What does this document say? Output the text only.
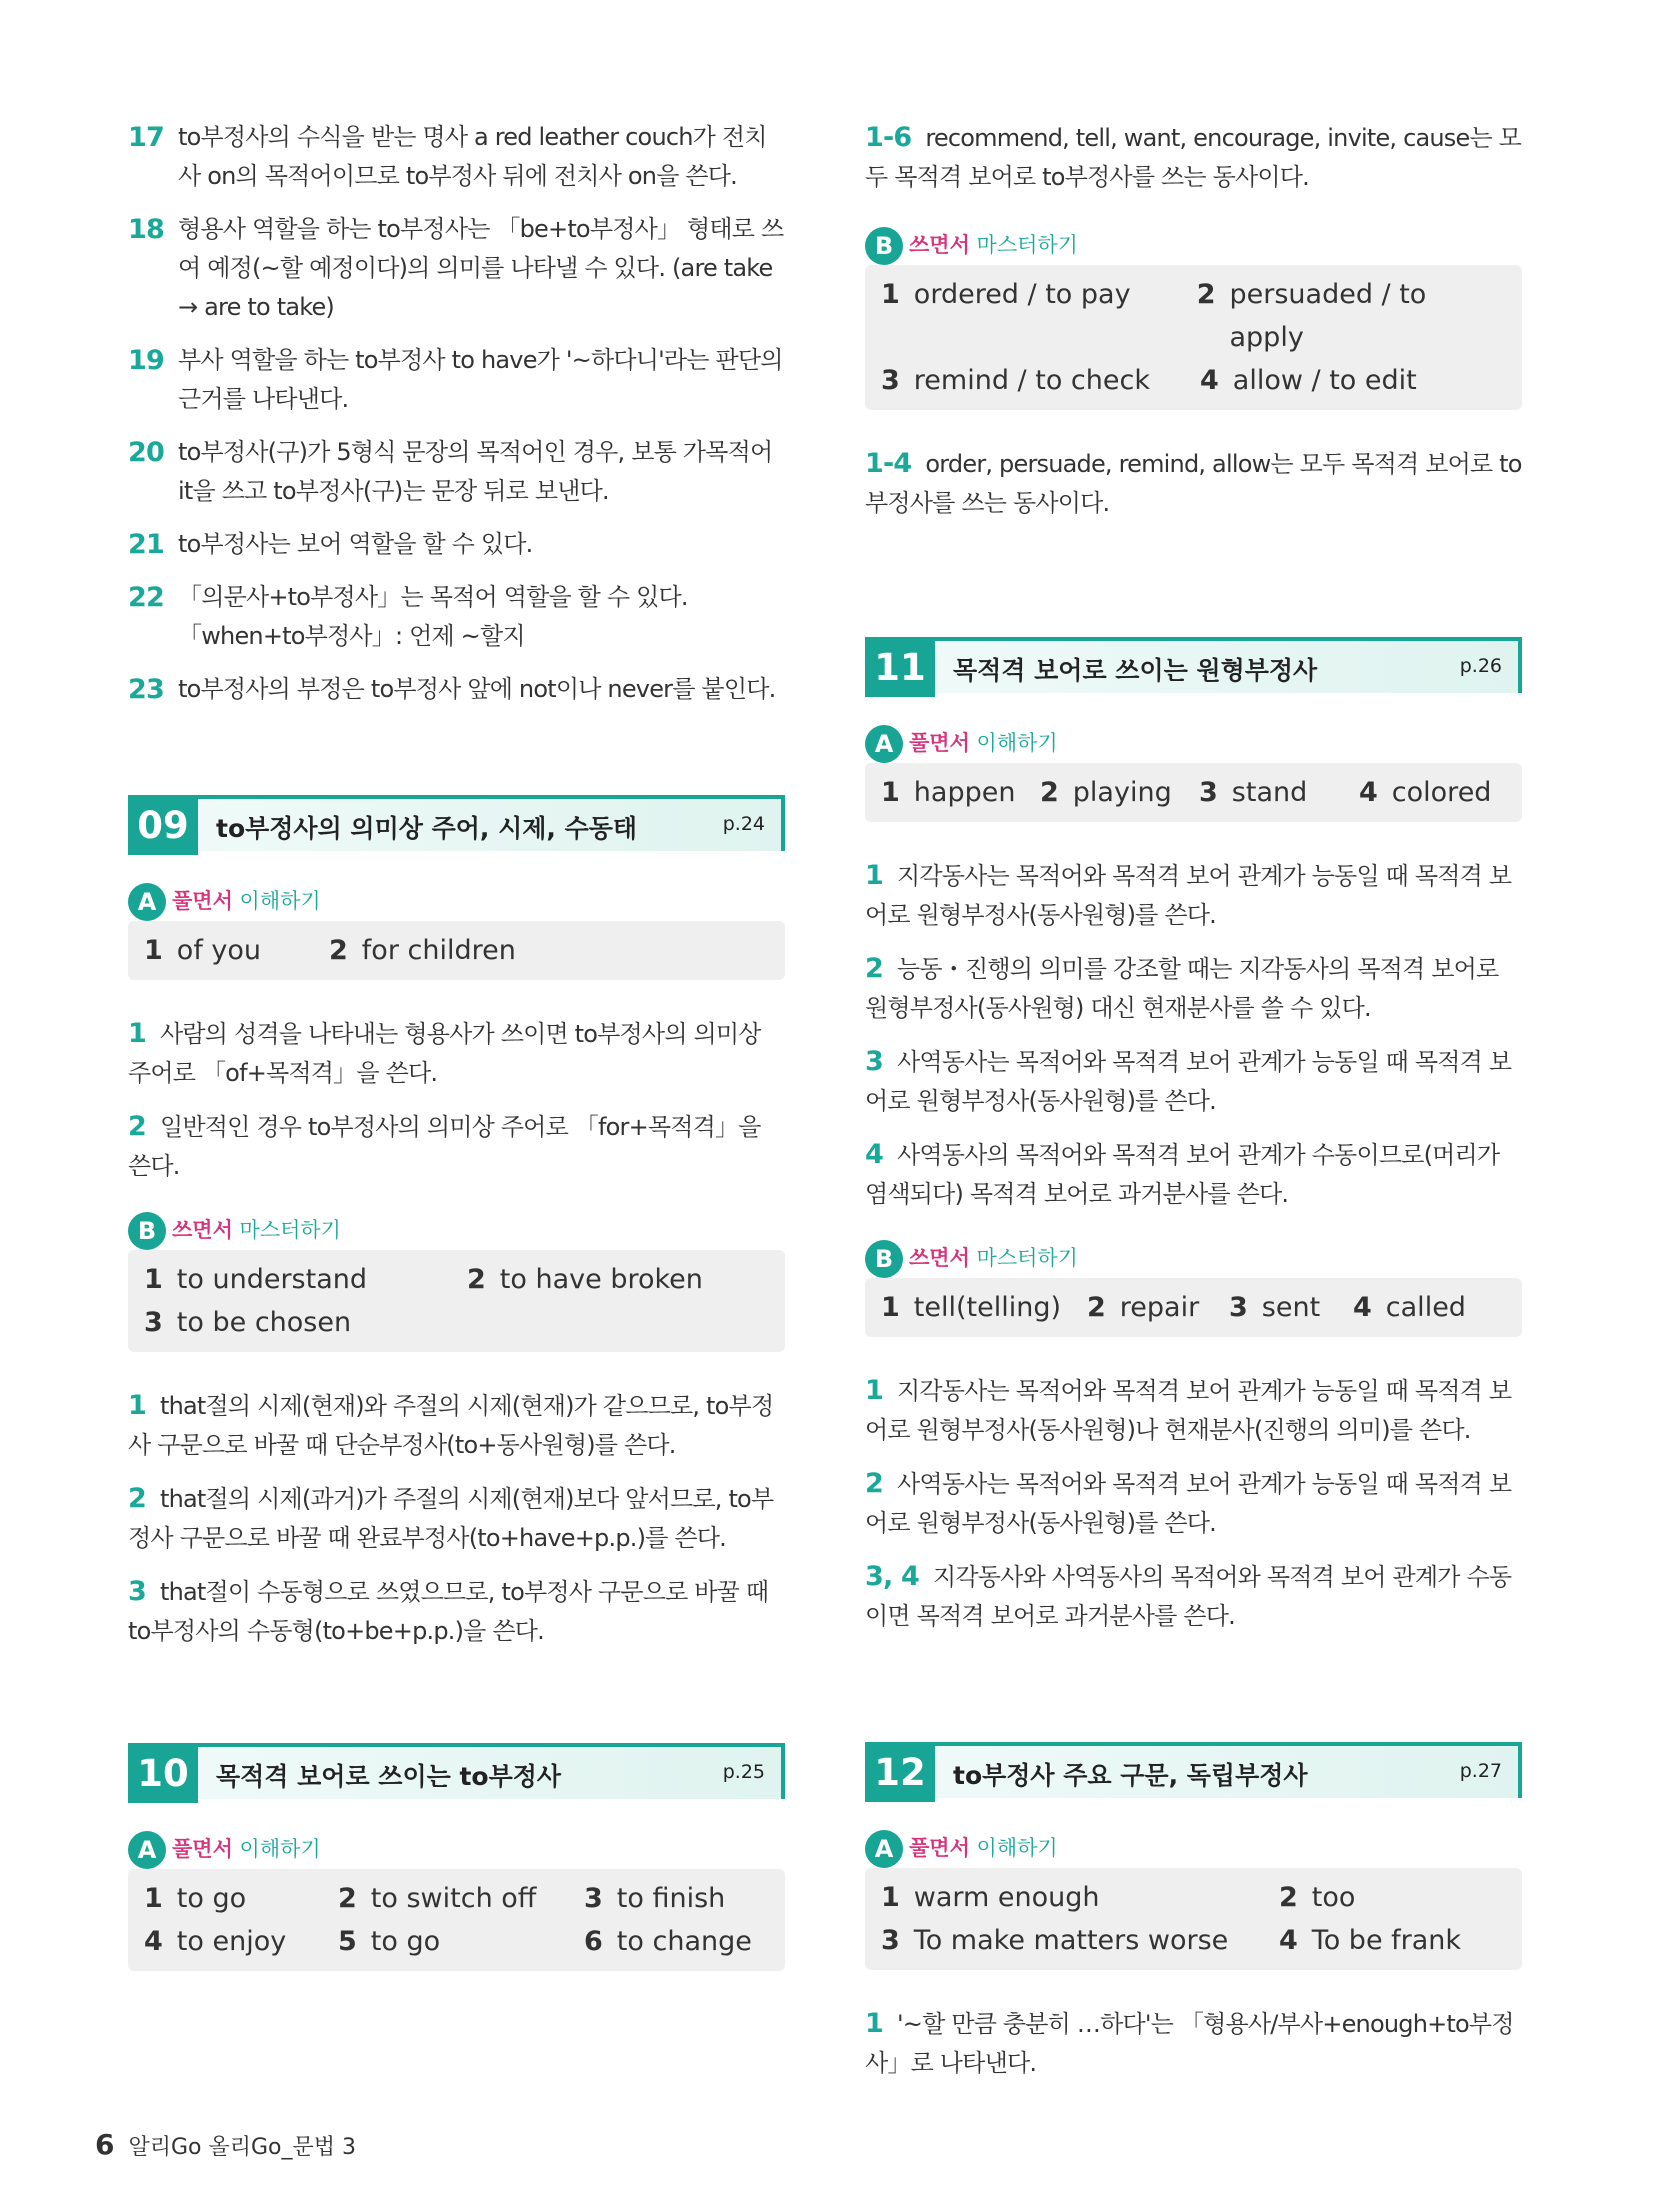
17 to부정사의 수식을 받는 명사 a red leather couch가 전치사 on의 목적어이므로 to부정사 뒤에 전치사 on을 쓴다.
18 형용사 역할을 하는 to부정사는 「be+to부정사」 형태로 쓰여 예정(~할 예정이다)의 의미를 나타낼 수 있다. (are take → are to take)
19 부사 역할을 하는 to부정사 to have가 '~하다니'라는 판단의 근거를 나타낸다.
20 to부정사(구)가 5형식 문장의 목적어인 경우, 보통 가목적어 it을 쓰고 to부정사(구)는 문장 뒤로 보낸다.
21 to부정사는 보어 역할을 할 수 있다.
22 「의문사+to부정사」는 목적어 역할을 할 수 있다.
「when+to부정사」: 언제 ~할지
23 to부정사의 부정은 to부정사 앞에 not이나 never를 붙인다.
09	to부정사의 의미상 주어, 시제, 수동태	p.24
A 풀면서 이해하기
1 of you	2 for children
1 사람의 성격을 나타내는 형용사가 쓰이면 to부정사의 의미상 주어로 「of+목적격」을 쓴다.
2 일반적인 경우 to부정사의 의미상 주어로 「for+목적격」을 쓴다.
B 쓰면서 마스터하기
1 to understand	2 to have broken
3 to be chosen
1 that절의 시제(현재)와 주절의 시제(현재)가 같으므로, to부정사 구문으로 바꿀 때 단순부정사(to+동사원형)를 쓴다.
2 that절의 시제(과거)가 주절의 시제(현재)보다 앞서므로, to부정사 구문으로 바꿀 때 완료부정사(to+have+p.p.)를 쓴다.
3 that절이 수동형으로 쓰였으므로, to부정사 구문으로 바꿀 때 to부정사의 수동형(to+be+p.p.)을 쓴다.
10	목적격 보어로 쓰이는 to부정사	p.25
A 풀면서 이해하기
1 to go	2 to switch off 3 to finish
4 to enjoy 5 to go	6 to change
1-6 recommend, tell, want, encourage, invite, cause는 모두 목적격 보어로 to부정사를 쓰는 동사이다.
B 쓰면서 마스터하기
1 ordered / to pay 2 persuaded / to apply
3 remind / to check 4 allow / to edit
1-4 order, persuade, remind, allow는 모두 목적격 보어로 to부정사를 쓰는 동사이다.
11	목적격 보어로 쓰이는 원형부정사	p.26
A 풀면서 이해하기
1 happen 2 playing 3 stand 4 colored
1 지각동사는 목적어와 목적격 보어 관계가 능동일 때 목적격 보어로 원형부정사(동사원형)를 쓴다.
2 능동・진행의 의미를 강조할 때는 지각동사의 목적격 보어로 원형부정사(동사원형) 대신 현재분사를 쓸 수 있다.
3 사역동사는 목적어와 목적격 보어 관계가 능동일 때 목적격 보어로 원형부정사(동사원형)를 쓴다.
4 사역동사의 목적어와 목적격 보어 관계가 수동이므로(머리가 염색되다) 목적격 보어로 과거분사를 쓴다.
B 쓰면서 마스터하기
1 tell(telling) 2 repair 3 sent 4 called
1 지각동사는 목적어와 목적격 보어 관계가 능동일 때 목적격 보어로 원형부정사(동사원형)나 현재분사(진행의 의미)를 쓴다.
2 사역동사는 목적어와 목적격 보어 관계가 능동일 때 목적격 보어로 원형부정사(동사원형)를 쓴다.
3, 4 지각동사와 사역동사의 목적어와 목적격 보어 관계가 수동이면 목적격 보어로 과거분사를 쓴다.
12	to부정사 주요 구문, 독립부정사	p.27
A 풀면서 이해하기
1 warm enough	2 too
3 To make matters worse 4 To be frank
1 '~할 만큼 충분히 …하다'는 「형용사/부사+enough+to부정사」로 나타낸다.
6 알리Go 올리Go_문법 3
